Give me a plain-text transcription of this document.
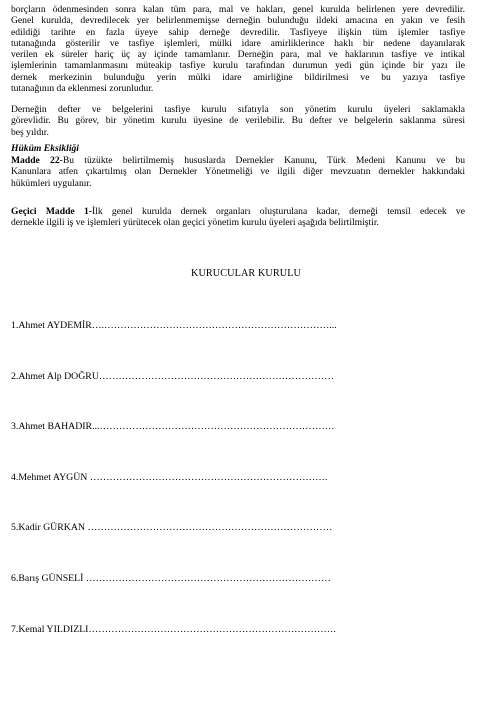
borçların ödenmesinden sonra kalan tüm para, mal ve hakları, genel kurulda belirlenen yere devredilir.
Genel kurulda, devredilecek yer belirlenmemişse derneğin bulunduğu ildeki amacına en yakın ve fesih
edildiği tarihte en fazla üyeye sahip derneğe devredilir. Tasfiyeye ilişkin tüm işlemler tasfiye
tutanağında gösterilir ve tasfiye işlemleri, mülki idare amirliklerince haklı bir nedene dayanılarak
verilen ek süreler hariç üç ay içinde tamamlanır. Derneğin para, mal ve haklarının tasfiye ve intikal
işlemlerinin tamamlanmasını müteakip tasfiye kurulu tarafından durumun yedi gün içinde bir yazı ile
dernek merkezinin bulunduğu yerin mülki idare amirliğine bildirilmesi ve bu yazıya tasfiye
tutanağının da eklenmesi zorunludur.
Derneğin defter ve belgelerini tasfiye kurulu sıfatıyla son yönetim kurulu üyeleri saklamakla
görevlidir. Bu görev, bir yönetim kurulu üyesine de verilebilir. Bu defter ve belgelerin saklanma süresi
beş yıldır.

Hüküm Eksikliği

Madde 22-Bu tüzükte belirtilmemiş hususlarda Dernekler Kanunu, Türk Medeni Kanunu ve bu
Kanunlara atfen çıkartılmış olan Dernekler Yönetmeliği ve ilgili diğer mevzuatın dernekler hakkındaki
hükümleri uygulanır.
Geçici Madde 1-İlk genel kurulda dernek organları oluşturulana kadar, derneği temsil edecek ve
dernekle ilgili iş ve işlemleri yürütecek olan geçici yönetim kurulu üyeleri aşağıda belirtilmiştir.

KURUCULAR KURULU

1.Ahmet AYDEMİR….……………………………………………………………...

2.Ahmet Alp DOĞRU………………………………………………………………

3.Ahmet BAHADIR...………………………………………………………………

4.Mehmet AYGÜN ……………………………………………………………….

5.Kadir GÜRKAN …………………………………………………………………

6.Barış GÜNSELİ …………………………………………………………………

7.Kemal YILDIZLI………………………………………………………………….
